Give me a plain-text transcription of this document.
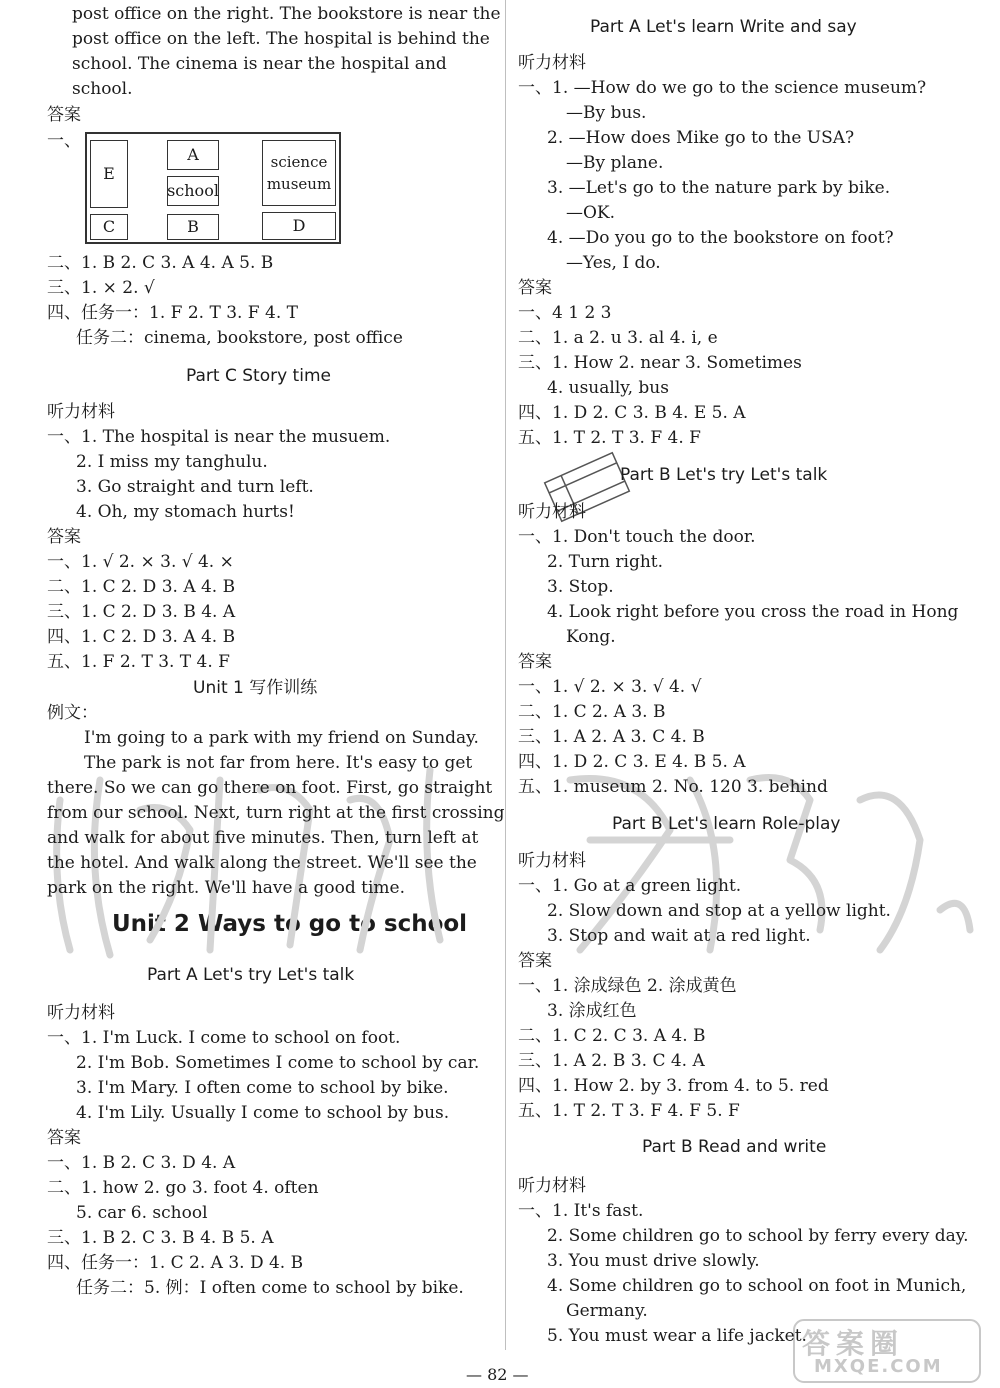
E
A
school
science museum
C	B	D
Unit 2 Ways to go to school
答案圈
MXQE.COM
— 82 —
post office on the right. The bookstore is near the
post office on the left. The hospital is behind the
school. The cinema is near the hospital and
school.
答案
一、
二、1. B 2. C 3. A 4. A 5. B
三、1. × 2. √
四、任务一：1. F 2. T 3. F 4. T
任务二：cinema, bookstore, post office
听力材料
一、1. The hospital is near the musuem.
2. I miss my tanghulu.
3. Go straight and turn left.
4. Oh, my stomach hurts!
答案
一、1. √ 2. × 3. √ 4. ×
二、1. C 2. D 3. A 4. B
三、1. C 2. D 3. B 4. A
四、1. C 2. D 3. A 4. B
五、1. F 2. T 3. T 4. F
例文：
I'm going to a park with my friend on Sunday.
The park is not far from here. It's easy to get
there. So we can go there on foot. First, go straight
from our school. Next, turn right at the first crossing
and walk for about five minutes. Then, turn left at
the hotel. And walk along the street. We'll see the
park on the right. We'll have a good time.
听力材料
一、1. I'm Luck. I come to school on foot.
2. I'm Bob. Sometimes I come to school by car.
3. I'm Mary. I often come to school by bike.
4. I'm Lily. Usually I come to school by bus.
答案
一、1. B 2. C 3. D 4. A
二、1. how 2. go 3. foot 4. often
5. car 6. school
三、1. B 2. C 3. B 4. B 5. A
四、任务一：1. C 2. A 3. D 4. B
任务二：5. 例：I often come to school by bike.
Part C Story time
Unit 1 写作训练
Part A Let's try Let's talk
Part A Let's learn Write and say
Part B Let's try Let's talk
Part B Let's learn Role-play
Part B Read and write
听力材料
一、1. —How do we go to the science museum?
—By bus.
2. —How does Mike go to the USA?
—By plane.
3. —Let's go to the nature park by bike.
—OK.
4. —Do you go to the bookstore on foot?
—Yes, I do.
答案
一、4 1 2 3
二、1. a 2. u 3. al 4. i, e
三、1. How 2. near 3. Sometimes
4. usually, bus
四、1. D 2. C 3. B 4. E 5. A
五、1. T 2. T 3. F 4. F
听力材料
一、1. Don't touch the door.
2. Turn right.
3. Stop.
4. Look right before you cross the road in Hong
Kong.
答案
一、1. √ 2. × 3. √ 4. √
二、1. C 2. A 3. B
三、1. A 2. A 3. C 4. B
四、1. D 2. C 3. E 4. B 5. A
五、1. museum 2. No. 120 3. behind
听力材料
一、1. Go at a green light.
2. Slow down and stop at a yellow light.
3. Stop and wait at a red light.
答案
一、1. 涂成绿色 2. 涂成黄色
3. 涂成红色
二、1. C 2. C 3. A 4. B
三、1. A 2. B 3. C 4. A
四、1. How 2. by 3. from 4. to 5. red
五、1. T 2. T 3. F 4. F 5. F
听力材料
一、1. It's fast.
2. Some children go to school by ferry every day.
3. You must drive slowly.
4. Some children go to school on foot in Munich,
Germany.
5. You must wear a life jacket.
